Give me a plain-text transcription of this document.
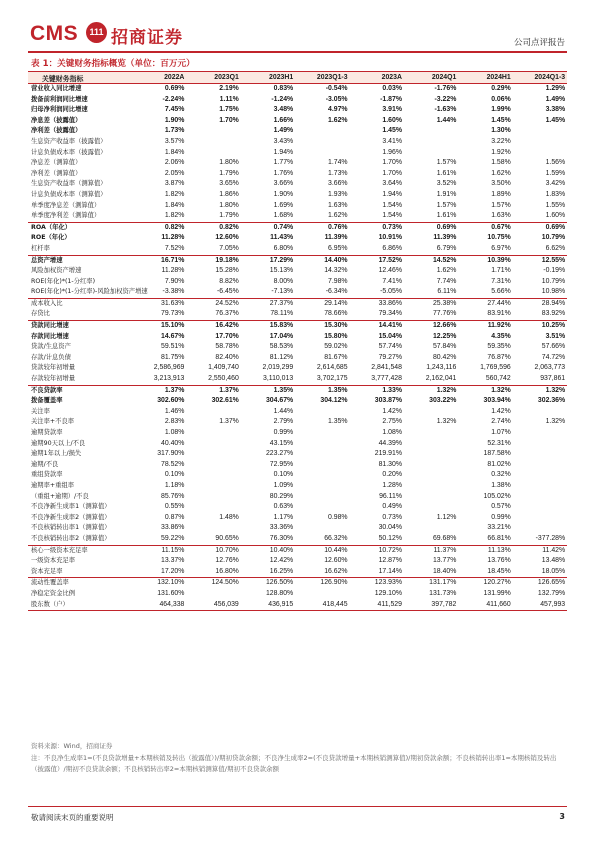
CMS	111 招商证券	公司点评报告
表 1：关键财务指标概览（单位：百万元）
关键财务指标	2022A	2023Q1	2023H1	2023Q1-3	2023A	2024Q1	2024H1	2024Q1-3
营业收入同比增速	0.69%	2.19%	0.83%	-0.54%	0.03%	-1.76%	0.29%	1.29%
拨备前利润同比增速	-2.24%	1.11%	-1.24%	-3.05%	-1.87%	-3.22%	0.06%	1.49%
归母净利润同比增速	7.45%	1.75%	3.48%	4.97%	3.91%	-1.63%	1.99%	3.38%
净息差（披露值）	1.90%	1.70%	1.66%	1.62%	1.60%	1.44%	1.45%	1.45%
净利差（披露值）	1.73%		1.49%		1.45%		1.30%	
生息资产收益率（披露值）	3.57%		3.43%		3.41%		3.22%	
计息负债成本率（披露值）	1.84%		1.94%		1.96%		1.92%	
净息差（测算值）	2.06%	1.80%	1.77%	1.74%	1.70%	1.57%	1.58%	1.56%
净利差（测算值）	2.05%	1.79%	1.76%	1.73%	1.70%	1.61%	1.62%	1.59%
生息资产收益率（测算值）	3.87%	3.65%	3.66%	3.66%	3.64%	3.52%	3.50%	3.42%
计息负债成本率（测算值）	1.82%	1.86%	1.90%	1.93%	1.94%	1.91%	1.89%	1.83%
单季度净息差（测算值）	1.84%	1.80%	1.69%	1.63%	1.54%	1.57%	1.57%	1.55%
单季度净利差（测算值）	1.82%	1.79%	1.68%	1.62%	1.54%	1.61%	1.63%	1.60%
ROA（年化）	0.82%	0.82%	0.74%	0.76%	0.73%	0.69%	0.67%	0.69%
ROE（年化）	11.28%	12.60%	11.43%	11.39%	10.91%	11.39%	10.75%	10.79%
杠杆率	7.52%	7.05%	6.80%	6.95%	6.86%	6.79%	6.97%	6.62%
总资产增速	16.71%	19.18%	17.29%	14.40%	17.52%	14.52%	10.39%	12.55%
风险加权资产增速	11.28%	15.28%	15.13%	14.32%	12.46%	1.62%	1.71%	-0.19%
ROE(年化)*(1-分红率)	7.90%	8.82%	8.00%	7.98%	7.41%	7.74%	7.31%	10.79%
ROE(年化)*(1-分红率)-风险加权资产增速	-3.38%	-6.45%	-7.13%	-6.34%	-5.05%	6.11%	5.66%	10.98%
成本收入比	31.63%	24.52%	27.37%	29.14%	33.86%	25.38%	27.44%	28.94%
存贷比	79.73%	76.37%	78.11%	78.66%	79.34%	77.76%	83.91%	83.92%
贷款同比增速	15.10%	16.42%	15.83%	15.30%	14.41%	12.66%	11.92%	10.25%
存款同比增速	14.67%	17.70%	17.04%	15.80%	15.04%	12.25%	4.35%	3.51%
贷款/生息资产	59.51%	58.78%	58.53%	59.02%	57.74%	57.84%	59.35%	57.66%
存款/计息负债	81.75%	82.40%	81.12%	81.67%	79.27%	80.42%	76.87%	74.72%
贷款较年初增量	2,586,969	1,409,740	2,019,299	2,614,685	2,841,548	1,243,116	1,769,596	2,063,773
存款较年初增量	3,213,913	2,550,460	3,110,013	3,702,175	3,777,428	2,162,041	560,742	937,861
不良贷款率	1.37%	1.37%	1.35%	1.35%	1.33%	1.32%	1.32%	1.32%
拨备覆盖率	302.60%	302.61%	304.67%	304.12%	303.87%	303.22%	303.94%	302.36%
关注率	1.46%		1.44%		1.42%		1.42%	
关注率+不良率	2.83%	1.37%	2.79%	1.35%	2.75%	1.32%	2.74%	1.32%
逾期贷款率	1.08%		0.99%		1.08%		1.07%	
逾期90天以上/不良	40.40%		43.15%		44.39%		52.31%	
逾期1年以上/损失	317.90%		223.27%		219.91%		187.58%	
逾期/不良	78.52%		72.95%		81.30%		81.02%	
重组贷款率	0.10%		0.10%		0.20%		0.32%	
逾期率+重组率	1.18%		1.09%		1.28%		1.38%	
（重组+逾期）/不良	85.76%		80.29%		96.11%		105.02%	
不良净新生成率1（测算值）	0.55%		0.63%		0.49%		0.57%	
不良净新生成率2（测算值）	0.87%	1.48%	1.17%	0.98%	0.73%	1.12%	0.99%	
不良核销转出率1（测算值）	33.86%		33.36%		30.04%		33.21%	
不良核销转出率2（测算值）	59.22%	90.65%	76.30%	66.32%	50.12%	69.68%	66.81%	-377.28%
核心一级资本充足率	11.15%	10.70%	10.40%	10.44%	10.72%	11.37%	11.13%	11.42%
一级资本充足率	13.37%	12.76%	12.42%	12.60%	12.87%	13.77%	13.76%	13.48%
资本充足率	17.20%	16.80%	16.25%	16.62%	17.14%	18.40%	18.45%	18.05%
流动性覆盖率	132.10%	124.50%	126.50%	126.90%	123.93%	131.17%	120.27%	126.65%
净稳定资金比例	131.60%		128.80%		129.10%	131.73%	131.99%	132.79%
股东数（户）	464,338	456,039	436,915	418,445	411,529	397,782	411,660	457,993
资料来源：Wind，招商证券
注：不良净生成率1=(不良贷款增量+本期核销及转出（披露值）)/期初贷款余额；不良净生成率2=(不良贷款增量+本期核销测算值)/期初贷款余额；不良核销转出率1=本期核销及转出（披露值）/期初不良贷款余额；不良核销转出率2=本期核销测算值/期初不良贷款余额
敬请阅读末页的重要说明	3
